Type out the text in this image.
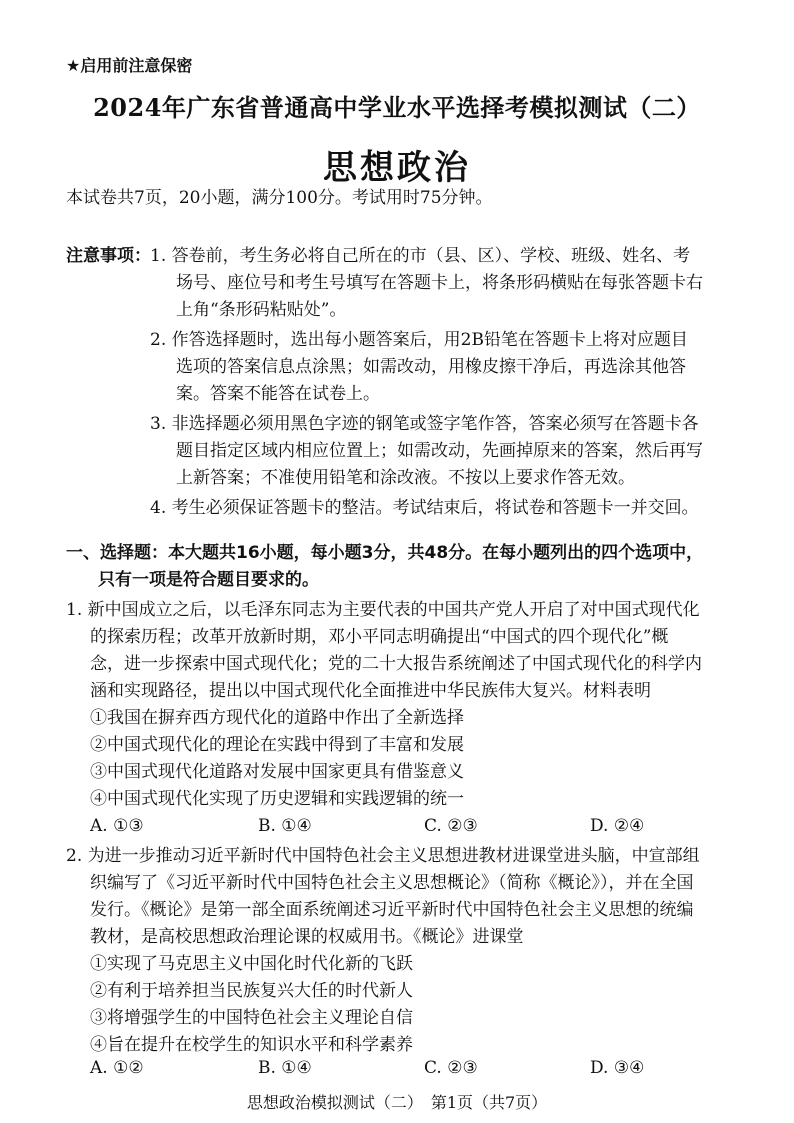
★启用前注意保密
2024年广东省普通高中学业水平选择考模拟测试（二）
思想政治
本试卷共7页，20小题，满分100分。考试用时75分钟。
注意事项： 1. 答卷前，考生务必将自己所在的市（县、区）、学校、班级、姓名、考
场号、座位号和考生号填写在答题卡上，将条形码横贴在每张答题卡右
上角“条形码粘贴处”。
2. 作答选择题时，选出每小题答案后，用2B铅笔在答题卡上将对应题目
选项的答案信息点涂黑；如需改动，用橡皮擦干净后，再选涂其他答
案。答案不能答在试卷上。
3. 非选择题必须用黑色字迹的钢笔或签字笔作答，答案必须写在答题卡各
题目指定区域内相应位置上；如需改动，先画掉原来的答案，然后再写
上新答案；不准使用铅笔和涂改液。不按以上要求作答无效。
4. 考生必须保证答题卡的整洁。考试结束后，将试卷和答题卡一并交回。
一、选择题：本大题共16小题，每小题3分，共48分。在每小题列出的四个选项中，
只有一项是符合题目要求的。
1. 新中国成立之后，以毛泽东同志为主要代表的中国共产党人开启了对中国式现代化
的探索历程；改革开放新时期，邓小平同志明确提出“中国式的四个现代化”概
念，进一步探索中国式现代化；党的二十大报告系统阐述了中国式现代化的科学内
涵和实现路径，提出以中国式现代化全面推进中华民族伟大复兴。材料表明
①我国在摒弃西方现代化的道路中作出了全新选择
②中国式现代化的理论在实践中得到了丰富和发展
③中国式现代化道路对发展中国家更具有借鉴意义
④中国式现代化实现了历史逻辑和实践逻辑的统一
A. ①③	B. ①④	C. ②③	D. ②④
2. 为进一步推动习近平新时代中国特色社会主义思想进教材进课堂进头脑，中宣部组
织编写了《习近平新时代中国特色社会主义思想概论》（简称《概论》），并在全国
发行。《概论》是第一部全面系统阐述习近平新时代中国特色社会主义思想的统编
教材，是高校思想政治理论课的权威用书。《概论》进课堂
①实现了马克思主义中国化时代化新的飞跃
②有利于培养担当民族复兴大任的时代新人
③将增强学生的中国特色社会主义理论自信
④旨在提升在校学生的知识水平和科学素养
A. ①②	B. ①④	C. ②③	D. ③④
思想政治模拟测试（二）　第1页（共7页）
